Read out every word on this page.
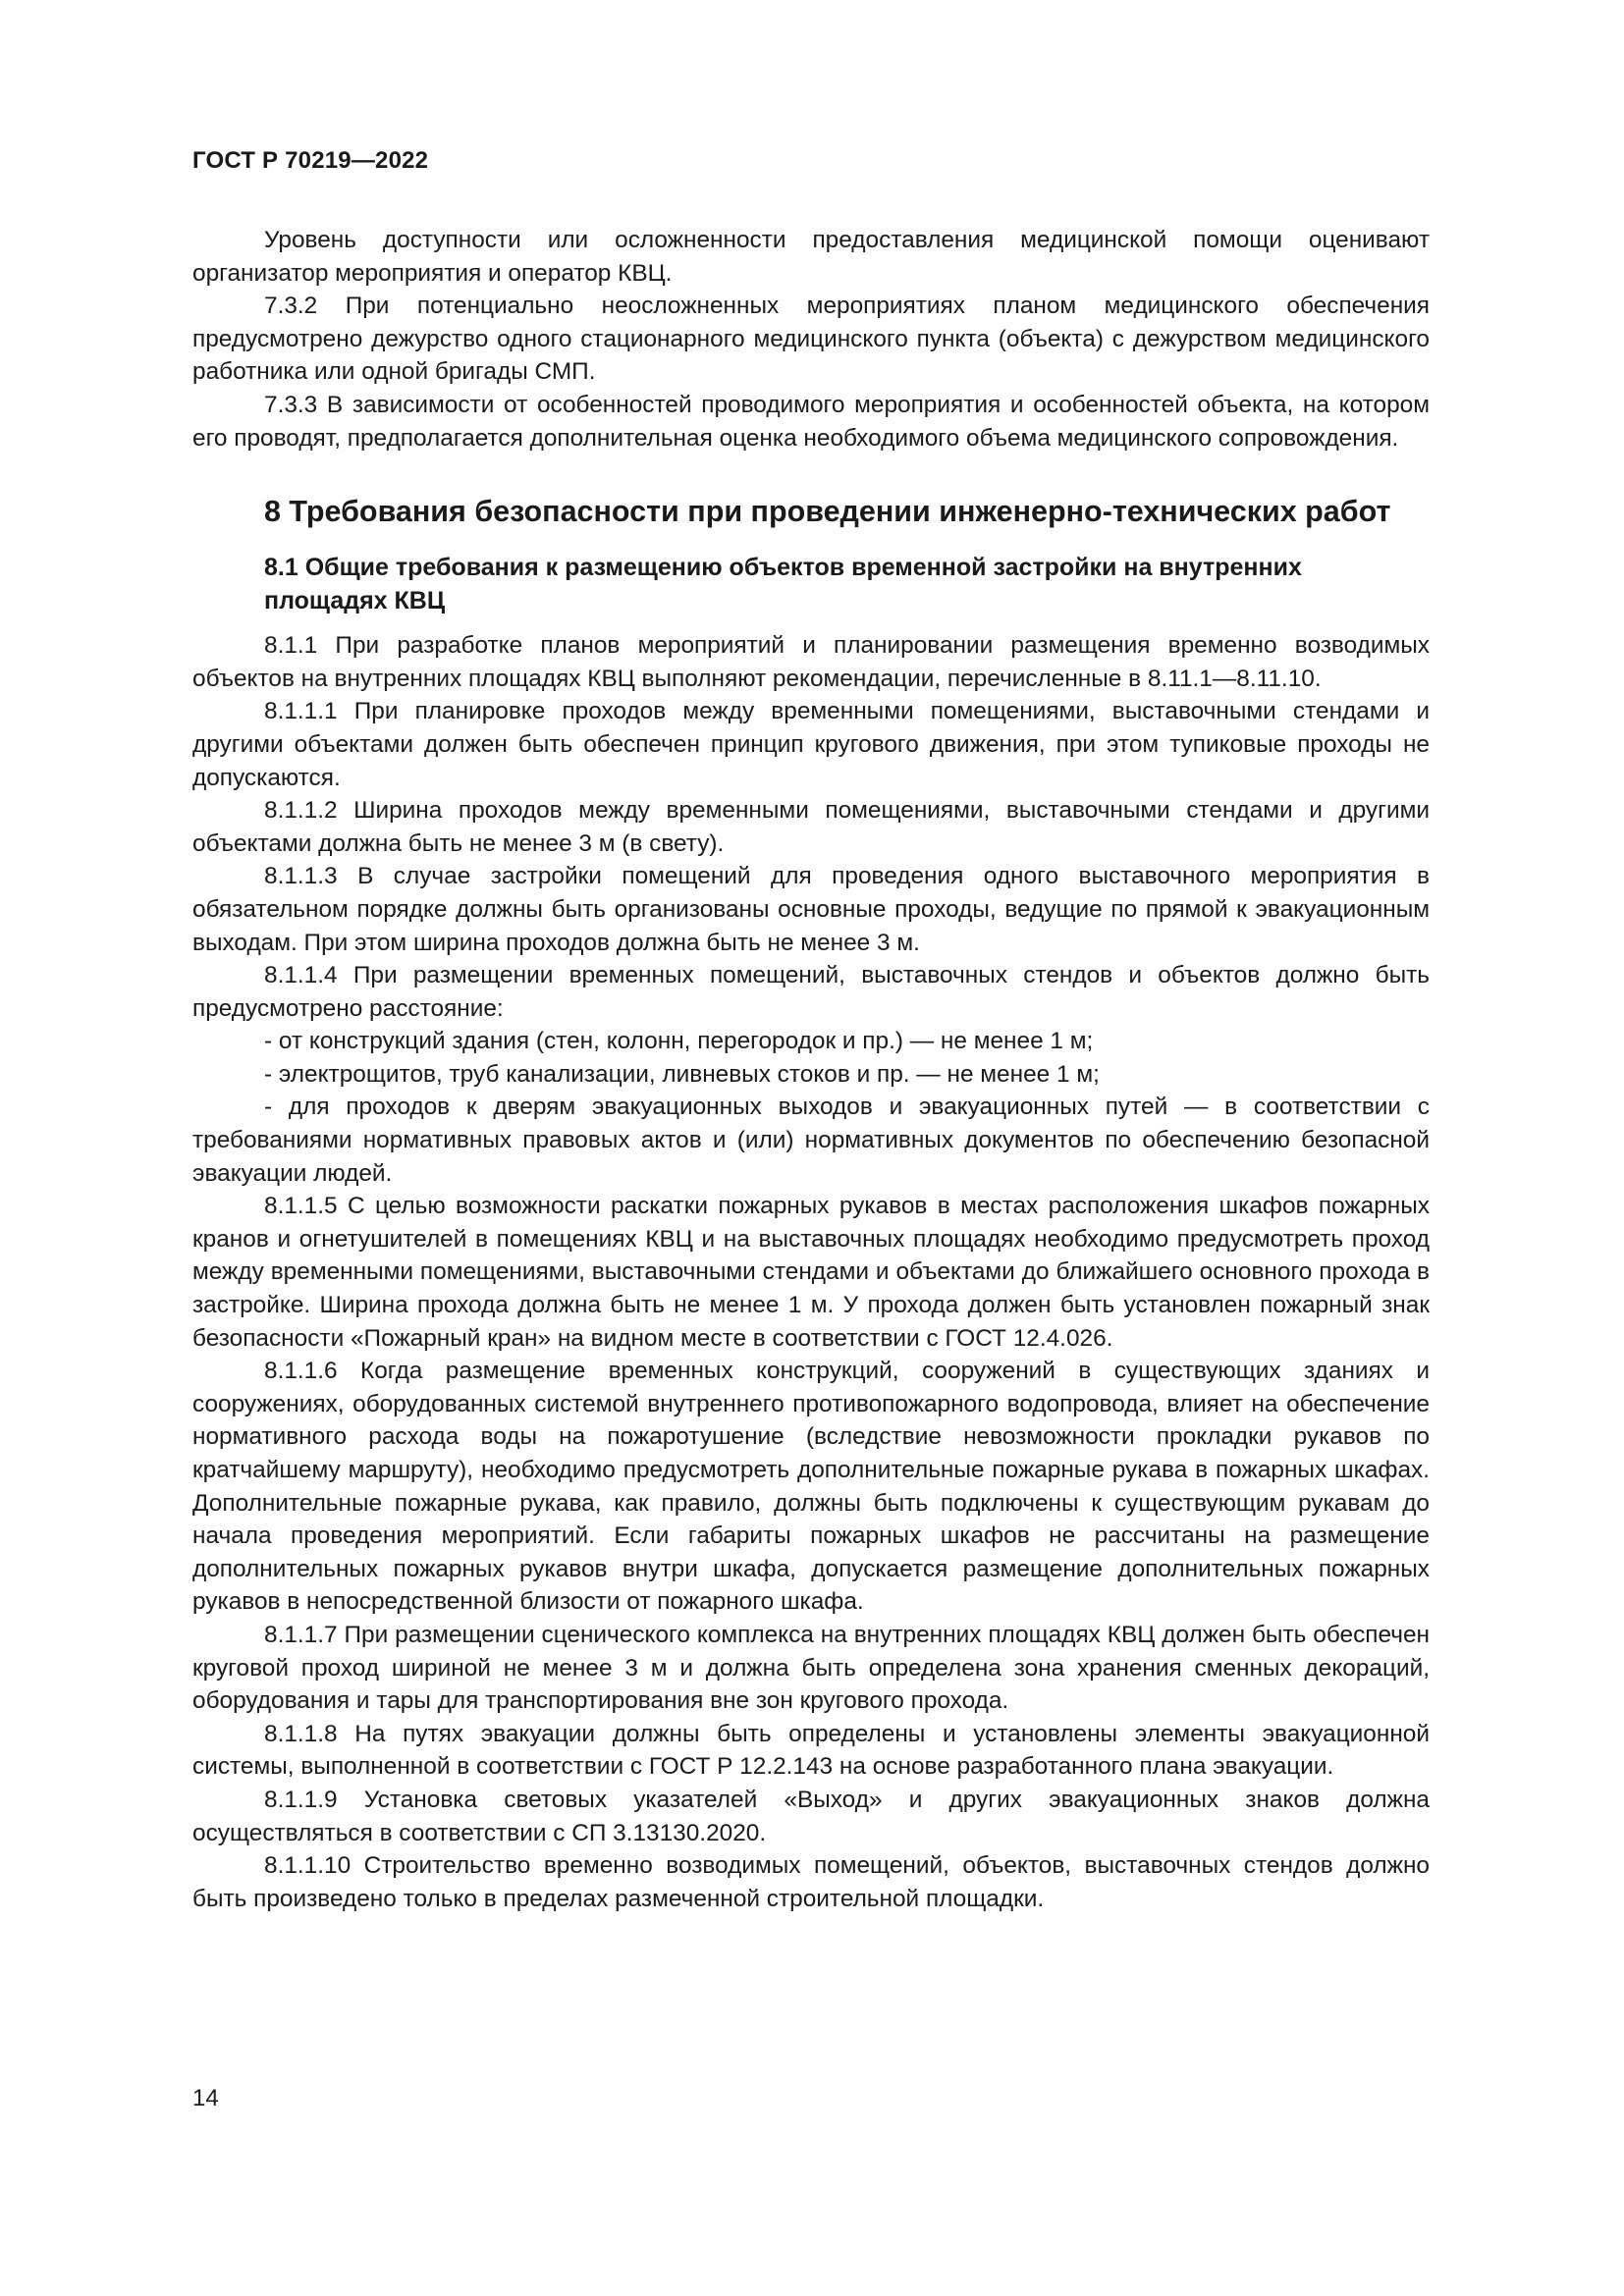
ГОСТ Р 70219—2022

Уровень доступности или осложненности предоставления медицинской помощи оценивают организатор мероприятия и оператор КВЦ.

7.3.2 При потенциально неосложненных мероприятиях планом медицинского обеспечения предусмотрено дежурство одного стационарного медицинского пункта (объекта) с дежурством медицинского работника или одной бригады СМП.

7.3.3 В зависимости от особенностей проводимого мероприятия и особенностей объекта, на котором его проводят, предполагается дополнительная оценка необходимого объема медицинского сопровождения.

8 Требования безопасности при проведении инженерно-технических работ
8.1 Общие требования к размещению объектов временной застройки на внутренних площадях КВЦ

8.1.1 При разработке планов мероприятий и планировании размещения временно возводимых объектов на внутренних площадях КВЦ выполняют рекомендации, перечисленные в 8.11.1—8.11.10.

8.1.1.1 При планировке проходов между временными помещениями, выставочными стендами и другими объектами должен быть обеспечен принцип кругового движения, при этом тупиковые проходы не допускаются.

8.1.1.2 Ширина проходов между временными помещениями, выставочными стендами и другими объектами должна быть не менее 3 м (в свету).

8.1.1.3 В случае застройки помещений для проведения одного выставочного мероприятия в обязательном порядке должны быть организованы основные проходы, ведущие по прямой к эвакуационным выходам. При этом ширина проходов должна быть не менее 3 м.

8.1.1.4 При размещении временных помещений, выставочных стендов и объектов должно быть предусмотрено расстояние:

- от конструкций здания (стен, колонн, перегородок и пр.) — не менее 1 м;

- электрощитов, труб канализации, ливневых стоков и пр. — не менее 1 м;

- для проходов к дверям эвакуационных выходов и эвакуационных путей — в соответствии с требованиями нормативных правовых актов и (или) нормативных документов по обеспечению безопасной эвакуации людей.

8.1.1.5 С целью возможности раскатки пожарных рукавов в местах расположения шкафов пожарных кранов и огнетушителей в помещениях КВЦ и на выставочных площадях необходимо предусмотреть проход между временными помещениями, выставочными стендами и объектами до ближайшего основного прохода в застройке. Ширина прохода должна быть не менее 1 м. У прохода должен быть установлен пожарный знак безопасности «Пожарный кран» на видном месте в соответствии с ГОСТ 12.4.026.

8.1.1.6 Когда размещение временных конструкций, сооружений в существующих зданиях и сооружениях, оборудованных системой внутреннего противопожарного водопровода, влияет на обеспечение нормативного расхода воды на пожаротушение (вследствие невозможности прокладки рукавов по кратчайшему маршруту), необходимо предусмотреть дополнительные пожарные рукава в пожарных шкафах. Дополнительные пожарные рукава, как правило, должны быть подключены к существующим рукавам до начала проведения мероприятий. Если габариты пожарных шкафов не рассчитаны на размещение дополнительных пожарных рукавов внутри шкафа, допускается размещение дополнительных пожарных рукавов в непосредственной близости от пожарного шкафа.

8.1.1.7 При размещении сценического комплекса на внутренних площадях КВЦ должен быть обеспечен круговой проход шириной не менее 3 м и должна быть определена зона хранения сменных декораций, оборудования и тары для транспортирования вне зон кругового прохода.

8.1.1.8 На путях эвакуации должны быть определены и установлены элементы эвакуационной системы, выполненной в соответствии с ГОСТ Р 12.2.143 на основе разработанного плана эвакуации.

8.1.1.9 Установка световых указателей «Выход» и других эвакуационных знаков должна осуществляться в соответствии с СП 3.13130.2020.

8.1.1.10 Строительство временно возводимых помещений, объектов, выставочных стендов должно быть произведено только в пределах размеченной строительной площадки.

14
